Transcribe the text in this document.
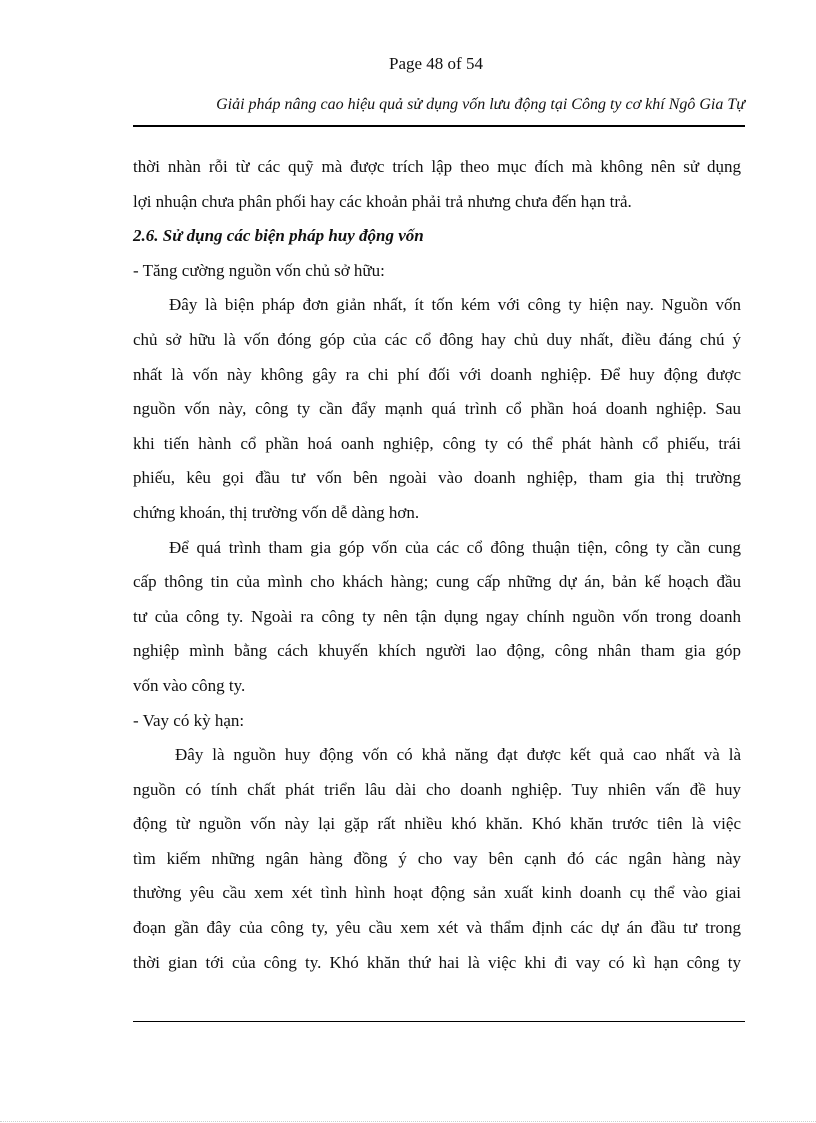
Page 48 of 54
Giải pháp nâng cao hiệu quả sử dụng vốn lưu động tại Công ty cơ khí Ngô Gia Tự
thời nhàn rỗi từ các quỹ mà được trích lập theo mục đích mà không nên sử dụng
lợi nhuận chưa phân phối hay các khoản phải trả nhưng chưa đến hạn trả.
2.6. Sử dụng các biện pháp huy động vốn
- Tăng cường nguồn vốn chủ sở hữu:
Đây là biện pháp đơn giản nhất, ít tốn kém với công ty hiện nay. Nguồn vốn
chủ sở hữu là vốn đóng góp của các cổ đông hay chủ duy nhất, điều đáng chú ý
nhất là vốn này không gây ra chi phí đối với doanh nghiệp. Để huy động được
nguồn vốn này, công ty cần đẩy mạnh quá trình cổ phần hoá doanh nghiệp. Sau
khi tiến hành cổ phần hoá oanh nghiệp, công ty có thể phát hành cổ phiếu, trái
phiếu, kêu gọi đầu tư vốn bên ngoài vào doanh nghiệp, tham gia thị trường
chứng khoán, thị trường vốn dễ dàng hơn.
Để quá trình tham gia góp vốn của các cổ đông thuận tiện, công ty cần cung
cấp thông tin của mình cho khách hàng; cung cấp những dự án, bản kế hoạch đầu
tư của công ty. Ngoài ra công ty nên tận dụng ngay chính nguồn vốn trong doanh
nghiệp mình bằng cách khuyến khích người lao động, công nhân tham gia góp
vốn vào công ty.
- Vay có kỳ hạn:
Đây là nguồn huy động vốn có khả năng đạt được kết quả cao nhất và là
nguồn có tính chất phát triển lâu dài cho doanh nghiệp. Tuy nhiên vấn đề huy
động từ nguồn vốn này lại gặp rất nhiều khó khăn. Khó khăn trước tiên là việc
tìm kiếm những ngân hàng đồng ý cho vay bên cạnh đó các ngân hàng này
thường yêu cầu xem xét tình hình hoạt động sản xuất kinh doanh cụ thể vào giai
đoạn gần đây của công ty, yêu cầu xem xét và thẩm định các dự án đầu tư trong
thời gian tới của công ty. Khó khăn thứ hai là việc khi đi vay có kì hạn công ty
